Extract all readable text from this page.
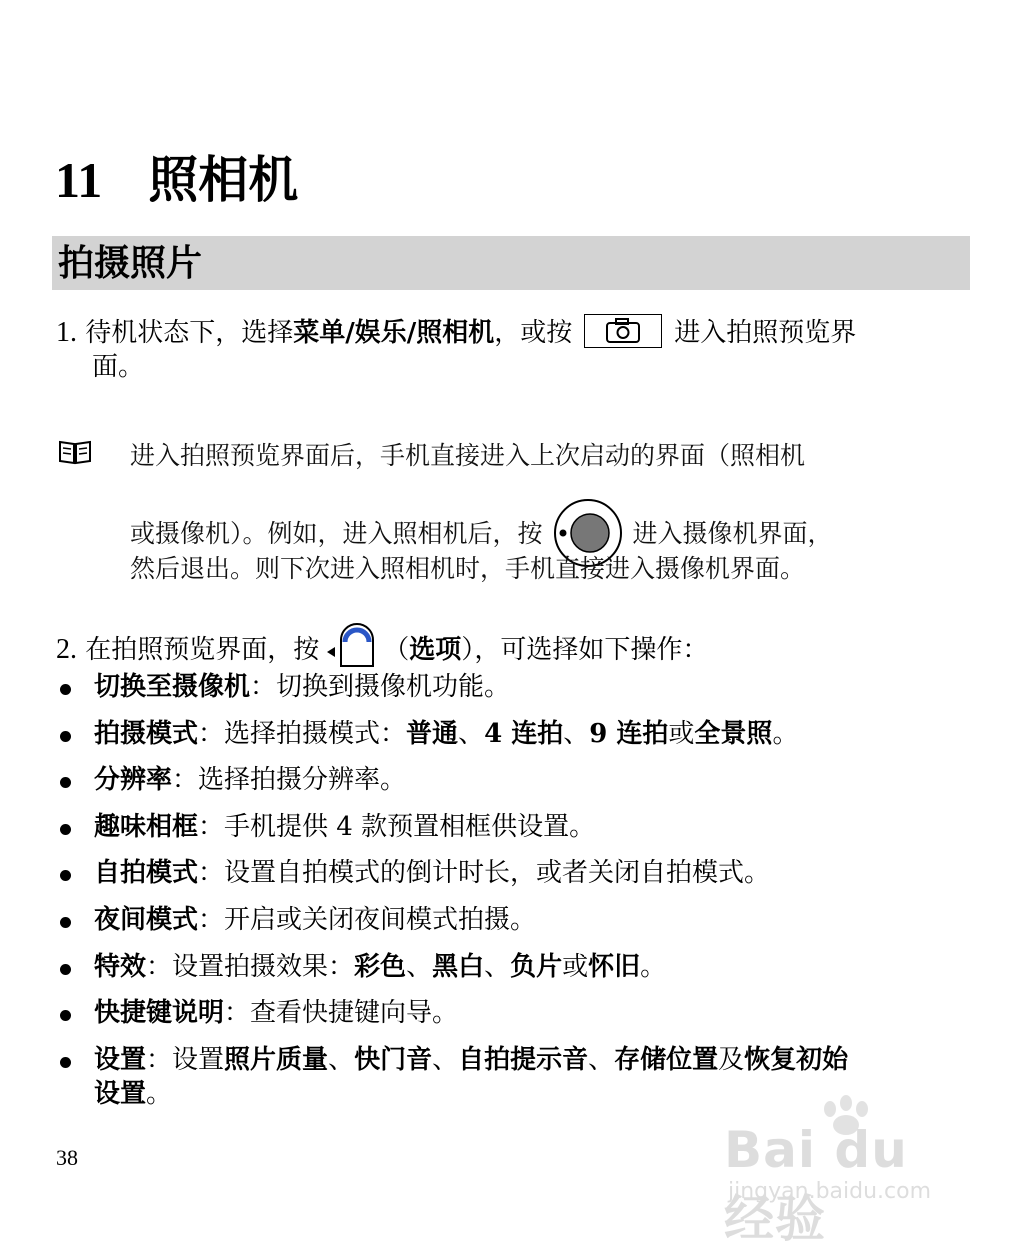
11 照相机
拍摄照片
1. 待机状态下，选择菜单/娱乐/照相机，或按	进入拍照预览界
面。
进入拍照预览界面后，手机直接进入上次启动的界面（照相机
或摄像机）。例如，进入照相机后，按	进入摄像机界面，
然后退出。则下次进入照相机时，手机直接进入摄像机界面。
2. 在拍照预览界面，按 （选项），可选择如下操作：
切换至摄像机：切换到摄像机功能。
拍摄模式：选择拍摄模式：普通、4 连拍、9 连拍或全景照。
分辨率：选择拍摄分辨率。
趣味相框：手机提供 4 款预置相框供设置。
自拍模式：设置自拍模式的倒计时长，或者关闭自拍模式。
夜间模式：开启或关闭夜间模式拍摄。
特效：设置拍摄效果：彩色、黑白、负片或怀旧。
快捷键说明：查看快捷键向导。
设置：设置照片质量、快门音、自拍提示音、存储位置及恢复初始
设置。
38	Bai du 经验
jingyan.baidu.com
